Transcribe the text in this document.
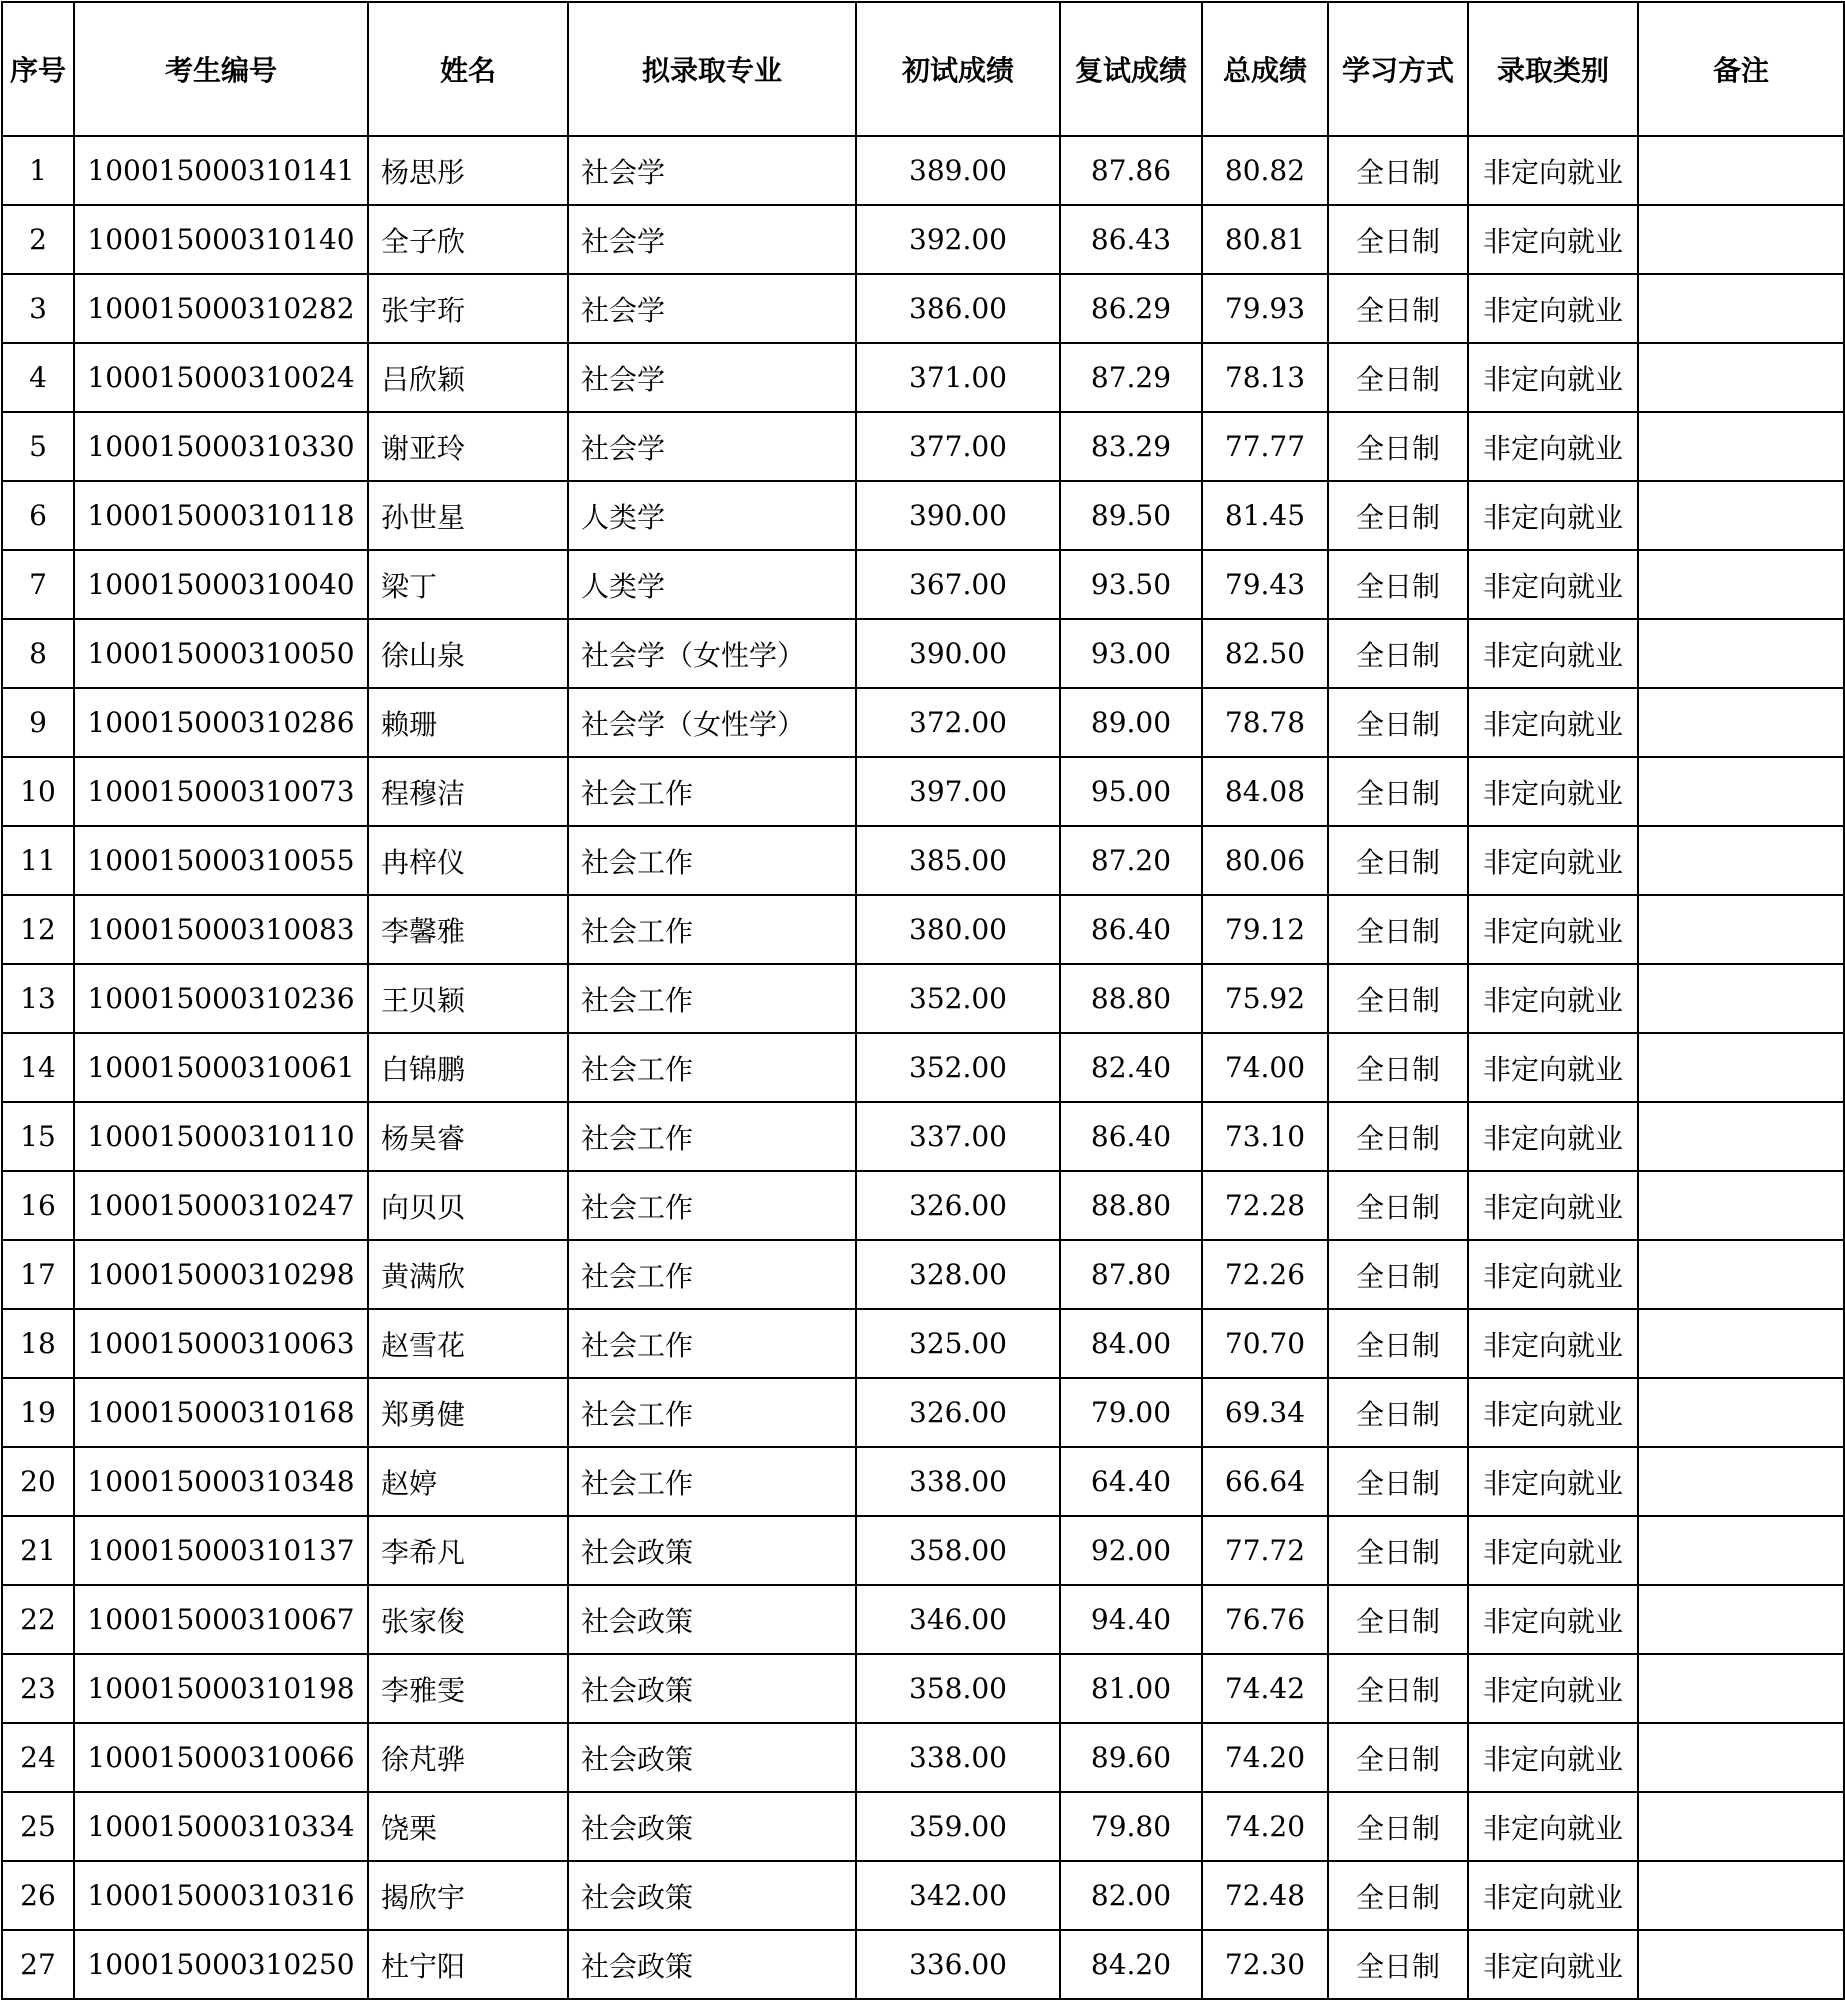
序号	考生编号	姓名	拟录取专业	初试成绩	复试成绩	总成绩	学习方式	录取类别	备注
1	100015000310141	杨思彤	社会学	389.00	87.86	80.82	全日制	非定向就业	
2	100015000310140	全子欣	社会学	392.00	86.43	80.81	全日制	非定向就业	
3	100015000310282	张宇珩	社会学	386.00	86.29	79.93	全日制	非定向就业	
4	100015000310024	吕欣颖	社会学	371.00	87.29	78.13	全日制	非定向就业	
5	100015000310330	谢亚玲	社会学	377.00	83.29	77.77	全日制	非定向就业	
6	100015000310118	孙世星	人类学	390.00	89.50	81.45	全日制	非定向就业	
7	100015000310040	梁丁	人类学	367.00	93.50	79.43	全日制	非定向就业	
8	100015000310050	徐山泉	社会学（女性学）	390.00	93.00	82.50	全日制	非定向就业	
9	100015000310286	赖珊	社会学（女性学）	372.00	89.00	78.78	全日制	非定向就业	
10	100015000310073	程穆洁	社会工作	397.00	95.00	84.08	全日制	非定向就业	
11	100015000310055	冉梓仪	社会工作	385.00	87.20	80.06	全日制	非定向就业	
12	100015000310083	李馨雅	社会工作	380.00	86.40	79.12	全日制	非定向就业	
13	100015000310236	王贝颖	社会工作	352.00	88.80	75.92	全日制	非定向就业	
14	100015000310061	白锦鹏	社会工作	352.00	82.40	74.00	全日制	非定向就业	
15	100015000310110	杨昊睿	社会工作	337.00	86.40	73.10	全日制	非定向就业	
16	100015000310247	向贝贝	社会工作	326.00	88.80	72.28	全日制	非定向就业	
17	100015000310298	黄满欣	社会工作	328.00	87.80	72.26	全日制	非定向就业	
18	100015000310063	赵雪花	社会工作	325.00	84.00	70.70	全日制	非定向就业	
19	100015000310168	郑勇健	社会工作	326.00	79.00	69.34	全日制	非定向就业	
20	100015000310348	赵婷	社会工作	338.00	64.40	66.64	全日制	非定向就业	
21	100015000310137	李希凡	社会政策	358.00	92.00	77.72	全日制	非定向就业	
22	100015000310067	张家俊	社会政策	346.00	94.40	76.76	全日制	非定向就业	
23	100015000310198	李雅雯	社会政策	358.00	81.00	74.42	全日制	非定向就业	
24	100015000310066	徐芃骅	社会政策	338.00	89.60	74.20	全日制	非定向就业	
25	100015000310334	饶栗	社会政策	359.00	79.80	74.20	全日制	非定向就业	
26	100015000310316	揭欣宇	社会政策	342.00	82.00	72.48	全日制	非定向就业	
27	100015000310250	杜宁阳	社会政策	336.00	84.20	72.30	全日制	非定向就业	
